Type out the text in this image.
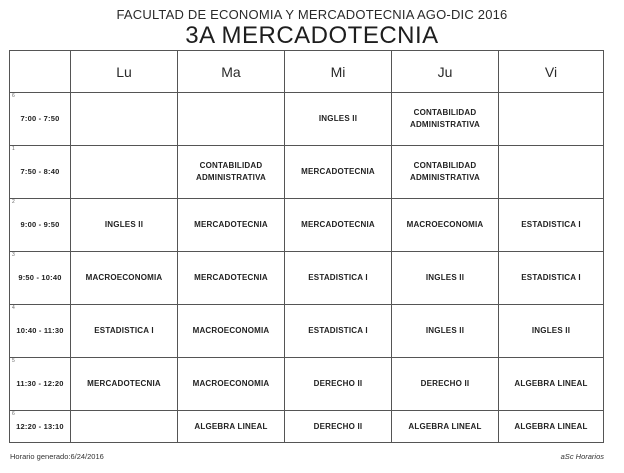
FACULTAD DE ECONOMIA Y MERCADOTECNIA AGO-DIC 2016
3A MERCADOTECNIA
	Lu	Ma	Mi	Ju	Vi

6
7:00 - 7:50			INGLES II	CONTABILIDAD ADMINISTRATIVA	

1
7:50 - 8:40		CONTABILIDAD ADMINISTRATIVA	MERCADOTECNIA	CONTABILIDAD ADMINISTRATIVA	

2
9:00 - 9:50	INGLES II	MERCADOTECNIA	MERCADOTECNIA	MACROECONOMIA	ESTADISTICA I

3
9:50 - 10:40	MACROECONOMIA	MERCADOTECNIA	ESTADISTICA I	INGLES II	ESTADISTICA I

4
10:40 - 11:30	ESTADISTICA I	MACROECONOMIA	ESTADISTICA I	INGLES II	INGLES II

5
11:30 - 12:20	MERCADOTECNIA	MACROECONOMIA	DERECHO II	DERECHO II	ALGEBRA LINEAL

6
12:20 - 13:10		ALGEBRA LINEAL	DERECHO II	ALGEBRA LINEAL	ALGEBRA LINEAL
Horario generado:6/24/2016	aSc Horarios
